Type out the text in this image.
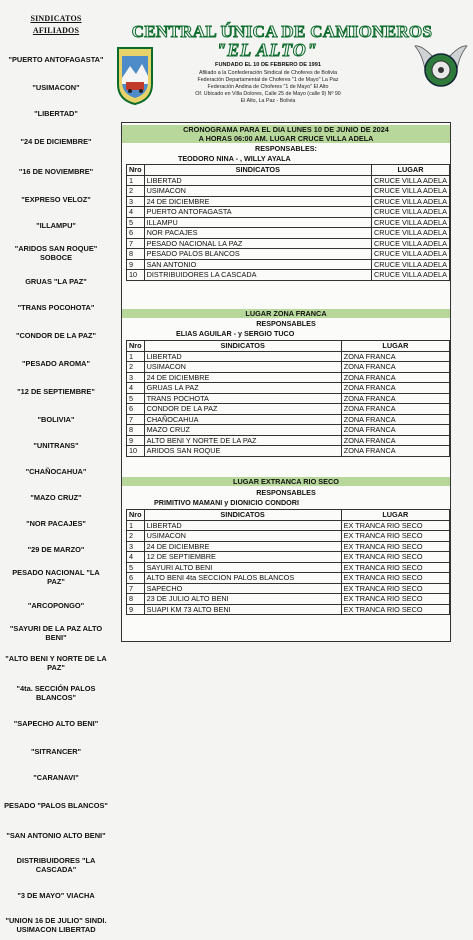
SINDICATOS
AFILIADOS
"PUERTO ANTOFAGASTA"
"USIMACON"
"LIBERTAD"
"24 DE DICIEMBRE"
"16 DE NOVIEMBRE"
"EXPRESO VELOZ"
"ILLAMPU"
"ARIDOS SAN ROQUE" SOBOCE
GRUAS "LA PAZ"
"TRANS POCOHOTA"
"CONDOR DE LA PAZ"
"PESADO AROMA"
"12 DE SEPTIEMBRE"
"BOLIVIA"
"UNITRANS"
"CHAÑOCAHUA"
"MAZO CRUZ"
"NOR PACAJES"
"29 DE MARZO"
PESADO NACIONAL "LA PAZ"
"ARCOPONGO"
"SAYURI DE LA PAZ ALTO BENI"
"ALTO BENI Y NORTE DE LA PAZ"
"4ta. SECCIÓN PALOS BLANCOS"
"SAPECHO ALTO BENI"
"SITRANCER"
"CARANAVI"
PESADO "PALOS BLANCOS"
"SAN ANTONIO ALTO BENI"
DISTRIBUIDORES "LA CASCADA"
"3 DE MAYO" VIACHA
"UNION 16 DE JULIO" SINDI. USIMACON LIBERTAD
CENTRAL ÚNICA DE CAMIONEROS
"EL ALTO"
FUNDADO EL 10 DE FEBRERO DE 1991
Afiliado a la Confederación Sindical de Choferes de Bolivia
Federación Departamental de Choferes "1 de Mayo" La Paz
Federación Andina de Choferes "1 de Mayo" El Alto
Of. Ubicado en Villa Dolores, Calle 25 de Mayo (calle 9) Nº 90
El Alto, La Paz - Bolivia
CRONOGRAMA PARA EL DIA LUNES 10 DE JUNIO DE 2024
A HORAS 06:00 AM. LUGAR CRUCE VILLA ADELA
RESPONSABLES:
TEODORO NINA - , WILLY AYALA
Nro	SINDICATOS	LUGAR
1	LIBERTAD	CRUCE VILLA ADELA
2	USIMACON	CRUCE VILLA ADELA
3	24 DE DICIEMBRE	CRUCE VILLA ADELA
4	PUERTO ANTOFAGASTA	CRUCE VILLA ADELA
5	ILLAMPU	CRUCE VILLA ADELA
6	NOR PACAJES	CRUCE VILLA ADELA
7	PESADO NACIONAL LA PAZ	CRUCE VILLA ADELA
8	PESADO PALOS BLANCOS	CRUCE VILLA ADELA
9	SAN ANTONIO	CRUCE VILLA ADELA
10	DISTRIBUIDORES LA CASCADA	CRUCE VILLA ADELA
LUGAR ZONA FRANCA
RESPONSABLES
ELIAS AGUILAR - y SERGIO TUCO
Nro	SINDICATOS	LUGAR
1	LIBERTAD	ZONA FRANCA
2	USIMACON	ZONA FRANCA
3	24 DE DICIEMBRE	ZONA FRANCA
4	GRUAS LA PAZ	ZONA FRANCA
5	TRANS POCHOTA	ZONA FRANCA
6	CONDOR DE LA PAZ	ZONA FRANCA
7	CHAÑOCAHUA	ZONA FRANCA
8	MAZO CRUZ	ZONA FRANCA
9	ALTO BENI Y NORTE DE LA PAZ	ZONA FRANCA
10	ARIDOS SAN ROQUE	ZONA FRANCA
LUGAR EXTRANCA RIO SECO
RESPONSABLES
PRIMITIVO MAMANI y DIONICIO CONDORI
Nro	SINDICATOS	LUGAR
1	LIBERTAD	EX TRANCA RIO SECO
2	USIMACON	EX TRANCA RIO SECO
3	24 DE DICIEMBRE	EX TRANCA RIO SECO
4	12 DE SEPTIEMBRE	EX TRANCA RIO SECO
5	SAYURI ALTO BENI	EX TRANCA RIO SECO
6	ALTO BENI 4ta SECCION PALOS BLANCOS	EX TRANCA RIO SECO
7	SAPECHO	EX TRANCA RIO SECO
8	23 DE JULIO ALTO BENI	EX TRANCA RIO SECO
9	SUAPI KM 73 ALTO BENI	EX TRANCA RIO SECO
